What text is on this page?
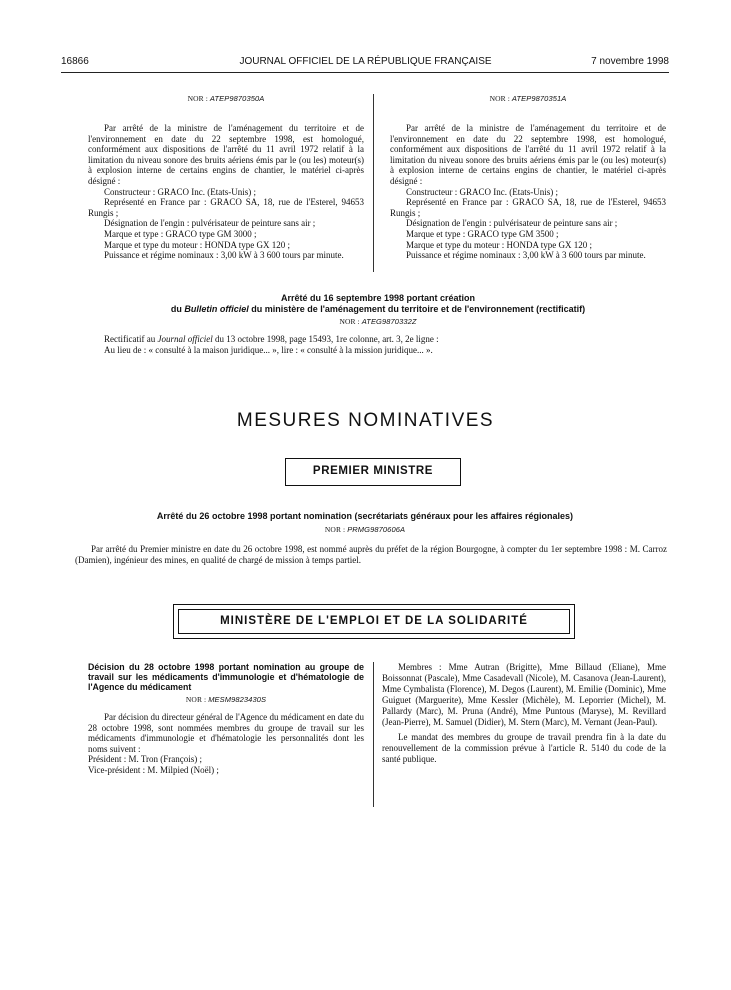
16866	JOURNAL OFFICIEL DE LA RÉPUBLIQUE FRANÇAISE	7 novembre 1998
NOR : ATEP9870350A

Par arrêté de la ministre de l'aménagement du territoire et de l'environnement en date du 22 septembre 1998, est homologué, conformément aux dispositions de l'arrêté du 11 avril 1972 relatif à la limitation du niveau sonore des bruits aériens émis par le (ou les) moteur(s) à explosion interne de certains engins de chantier, le matériel ci-après désigné :

Constructeur : GRACO Inc. (Etats-Unis) ;

Représenté en France par : GRACO SA, 18, rue de l'Esterel, 94653 Rungis ;

Désignation de l'engin : pulvérisateur de peinture sans air ;

Marque et type : GRACO type GM 3000 ;

Marque et type du moteur : HONDA type GX 120 ;

Puissance et régime nominaux : 3,00 kW à 3 600 tours par minute.

NOR : ATEP9870351A

Par arrêté de la ministre de l'aménagement du territoire et de l'environnement en date du 22 septembre 1998, est homologué, conformément aux dispositions de l'arrêté du 11 avril 1972 relatif à la limitation du niveau sonore des bruits aériens émis par le (ou les) moteur(s) à explosion interne de certains engins de chantier, le matériel ci-après désigné :

Constructeur : GRACO Inc. (Etats-Unis) ;

Représenté en France par : GRACO SA, 18, rue de l'Esterel, 94653 Rungis ;

Désignation de l'engin : pulvérisateur de peinture sans air ;

Marque et type : GRACO type GM 3500 ;

Marque et type du moteur : HONDA type GX 120 ;

Puissance et régime nominaux : 3,00 kW à 3 600 tours par minute.

Arrêté du 16 septembre 1998 portant création
du Bulletin officiel du ministère de l'aménagement du territoire et de l'environnement (rectificatif)
NOR : ATEG9870332Z

Rectificatif au Journal officiel du 13 octobre 1998, page 15493, 1re colonne, art. 3, 2e ligne :

Au lieu de : « consulté à la maison juridique... », lire : « consulté à la mission juridique... ».

MESURES NOMINATIVES
PREMIER MINISTRE
Arrêté du 26 octobre 1998 portant nomination (secrétariats généraux pour les affaires régionales)
NOR : PRMG9870606A

Par arrêté du Premier ministre en date du 26 octobre 1998, est nommé auprès du préfet de la région Bourgogne, à compter du 1er septembre 1998 : M. Carroz (Damien), ingénieur des mines, en qualité de chargé de mission à temps partiel.

MINISTÈRE DE L'EMPLOI ET DE LA SOLIDARITÉ
Décision du 28 octobre 1998 portant nomination au groupe de travail sur les médicaments d'immunologie et d'hématologie de l'Agence du médicament
NOR : MESM9823430S

Par décision du directeur général de l'Agence du médicament en date du 28 octobre 1998, sont nommées membres du groupe de travail sur les médicaments d'immunologie et d'hématologie les personnalités dont les noms suivent :

Président : M. Tron (François) ;

Vice-président : M. Milpied (Noël) ;

Membres : Mme Autran (Brigitte), Mme Billaud (Eliane), Mme Boissonnat (Pascale), Mme Casadevall (Nicole), M. Casanova (Jean-Laurent), Mme Cymbalista (Florence), M. Degos (Laurent), M. Emilie (Dominic), Mme Guiguet (Marguerite), Mme Kessler (Michèle), M. Leporrier (Michel), M. Pallardy (Marc), M. Pruna (André), Mme Puntous (Maryse), M. Revillard (Jean-Pierre), M. Samuel (Didier), M. Stern (Marc), M. Vernant (Jean-Paul).

Le mandat des membres du groupe de travail prendra fin à la date du renouvellement de la commission prévue à l'article R. 5140 du code de la santé publique.
